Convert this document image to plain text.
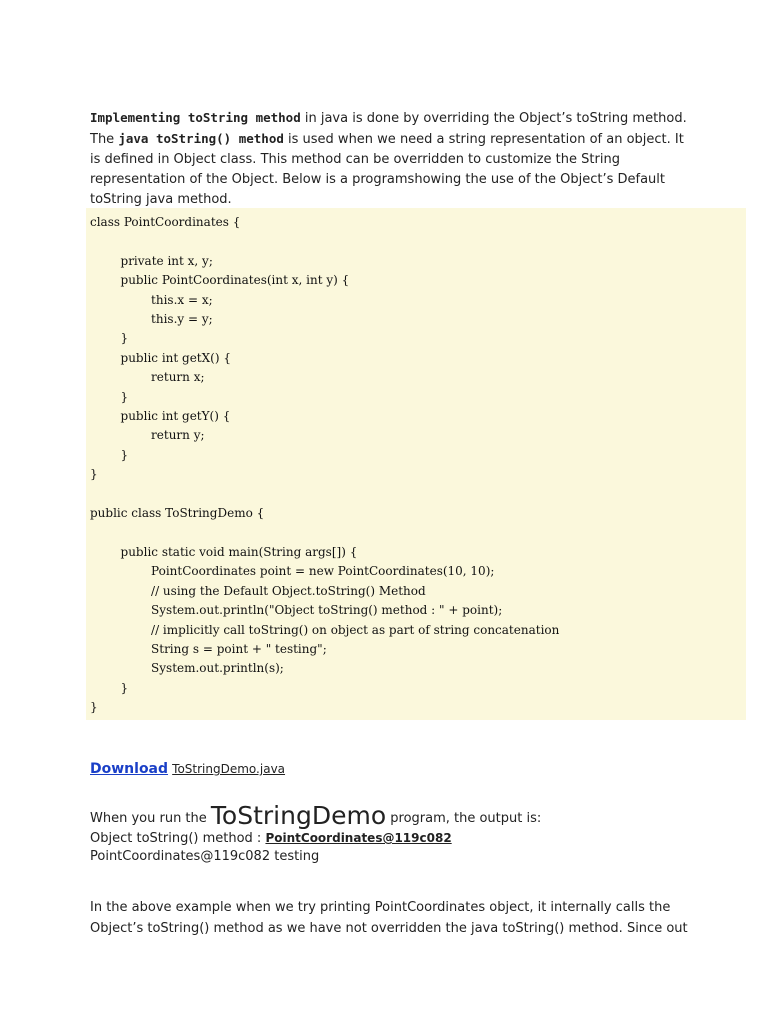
Implementing toString method in java is done by overriding the Object’s toString method. The java toString() method is used when we need a string representation of an object. It is defined in Object class. This method can be overridden to customize the String representation of the Object. Below is a programshowing the use of the Object’s Default toString java method.

class PointCoordinates {

private int x, y;
public PointCoordinates(int x, int y) {
this.x = x;
this.y = y;
}
public int getX() {
return x;
}
public int getY() {
return y;
}
}

public class ToStringDemo {

public static void main(String args[]) {
PointCoordinates point = new PointCoordinates(10, 10);
// using the Default Object.toString() Method
System.out.println("Object toString() method : " + point);
// implicitly call toString() on object as part of string concatenation
String s = point + " testing";
System.out.println(s);
}
}
Download ToStringDemo.java
When you run the ToStringDemo program, the output is:
Object toString() method : PointCoordinates@119c082
PointCoordinates@119c082 testing

In the above example when we try printing PointCoordinates object, it internally calls the Object’s toString() method as we have not overridden the java toString() method. Since out
